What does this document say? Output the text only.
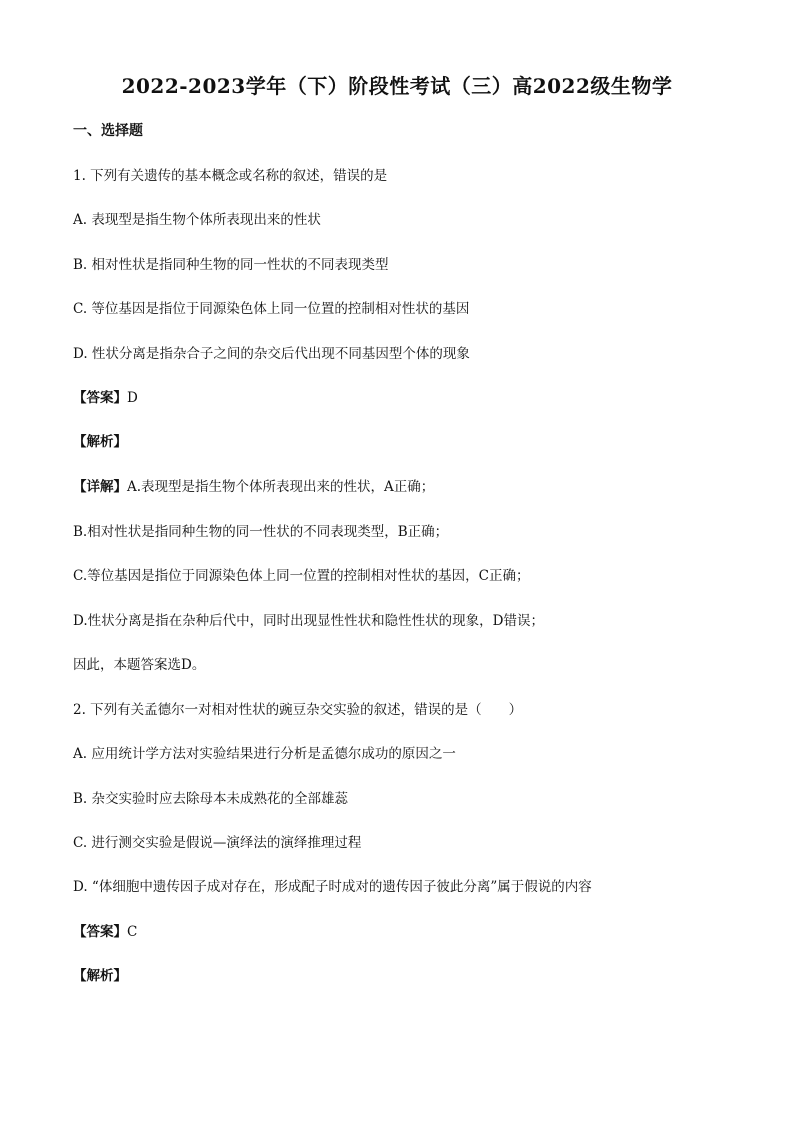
2022-2023学年（下）阶段性考试（三）高2022级生物学
一、选择题
1. 下列有关遗传的基本概念或名称的叙述，错误的是
A. 表现型是指生物个体所表现出来的性状
B. 相对性状是指同种生物的同一性状的不同表现类型
C. 等位基因是指位于同源染色体上同一位置的控制相对性状的基因
D. 性状分离是指杂合子之间的杂交后代出现不同基因型个体的现象
【答案】D
【解析】
【详解】A.表现型是指生物个体所表现出来的性状，A正确；
B.相对性状是指同种生物的同一性状的不同表现类型，B正确；
C.等位基因是指位于同源染色体上同一位置的控制相对性状的基因，C正确；
D.性状分离是指在杂种后代中，同时出现显性性状和隐性性状的现象，D错误；
因此，本题答案选D。
2. 下列有关孟德尔一对相对性状的豌豆杂交实验的叙述，错误的是（　　）
A. 应用统计学方法对实验结果进行分析是孟德尔成功的原因之一
B. 杂交实验时应去除母本未成熟花的全部雄蕊
C. 进行测交实验是假说—演绎法的演绎推理过程
D. “体细胞中遗传因子成对存在，形成配子时成对的遗传因子彼此分离”属于假说的内容
【答案】C
【解析】
